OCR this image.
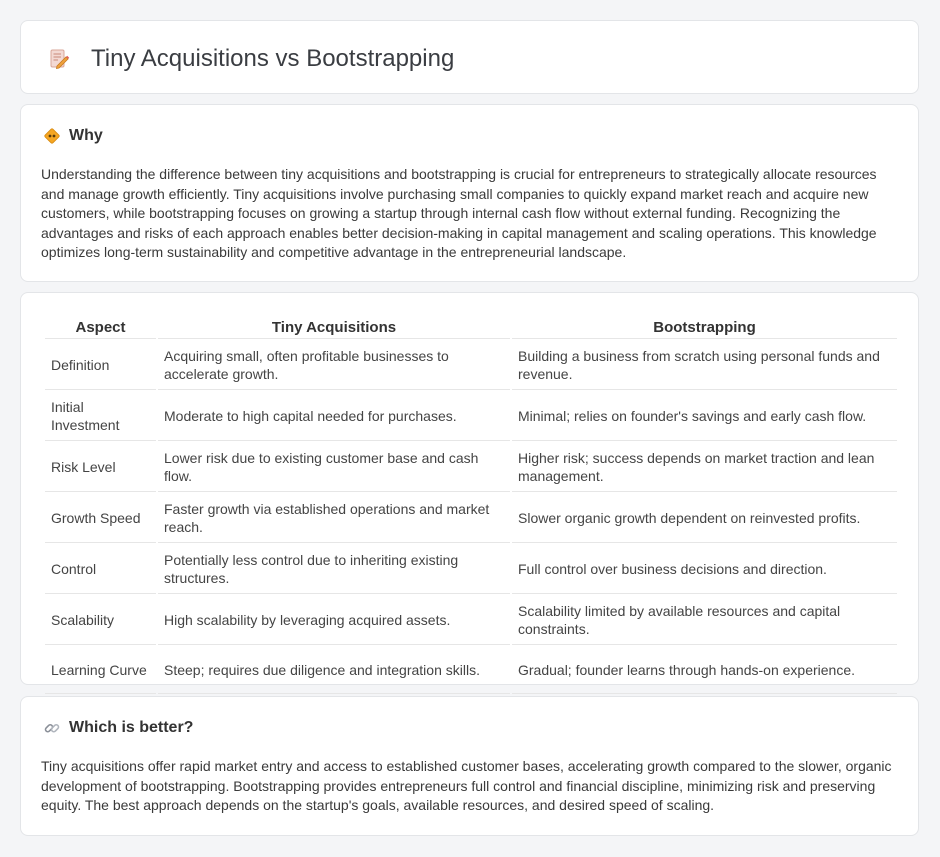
Tiny Acquisitions vs Bootstrapping
Why

Understanding the difference between tiny acquisitions and bootstrapping is crucial for entrepreneurs to strategically allocate resources and manage growth efficiently. Tiny acquisitions involve purchasing small companies to quickly expand market reach and acquire new customers, while bootstrapping focuses on growing a startup through internal cash flow without external funding. Recognizing the advantages and risks of each approach enables better decision-making in capital management and scaling operations. This knowledge optimizes long-term sustainability and competitive advantage in the entrepreneurial landscape.

Aspect	Tiny Acquisitions	Bootstrapping
Definition	Acquiring small, often profitable businesses to accelerate growth.	Building a business from scratch using personal funds and revenue.
Initial Investment	Moderate to high capital needed for purchases.	Minimal; relies on founder's savings and early cash flow.
Risk Level	Lower risk due to existing customer base and cash flow.	Higher risk; success depends on market traction and lean management.
Growth Speed	Faster growth via established operations and market reach.	Slower organic growth dependent on reinvested profits.
Control	Potentially less control due to inheriting existing structures.	Full control over business decisions and direction.
Scalability	High scalability by leveraging acquired assets.	Scalability limited by available resources and capital constraints.
Learning Curve	Steep; requires due diligence and integration skills.	Gradual; founder learns through hands-on experience.
Which is better?

Tiny acquisitions offer rapid market entry and access to established customer bases, accelerating growth compared to the slower, organic development of bootstrapping. Bootstrapping provides entrepreneurs full control and financial discipline, minimizing risk and preserving equity. The best approach depends on the startup's goals, available resources, and desired speed of scaling.
